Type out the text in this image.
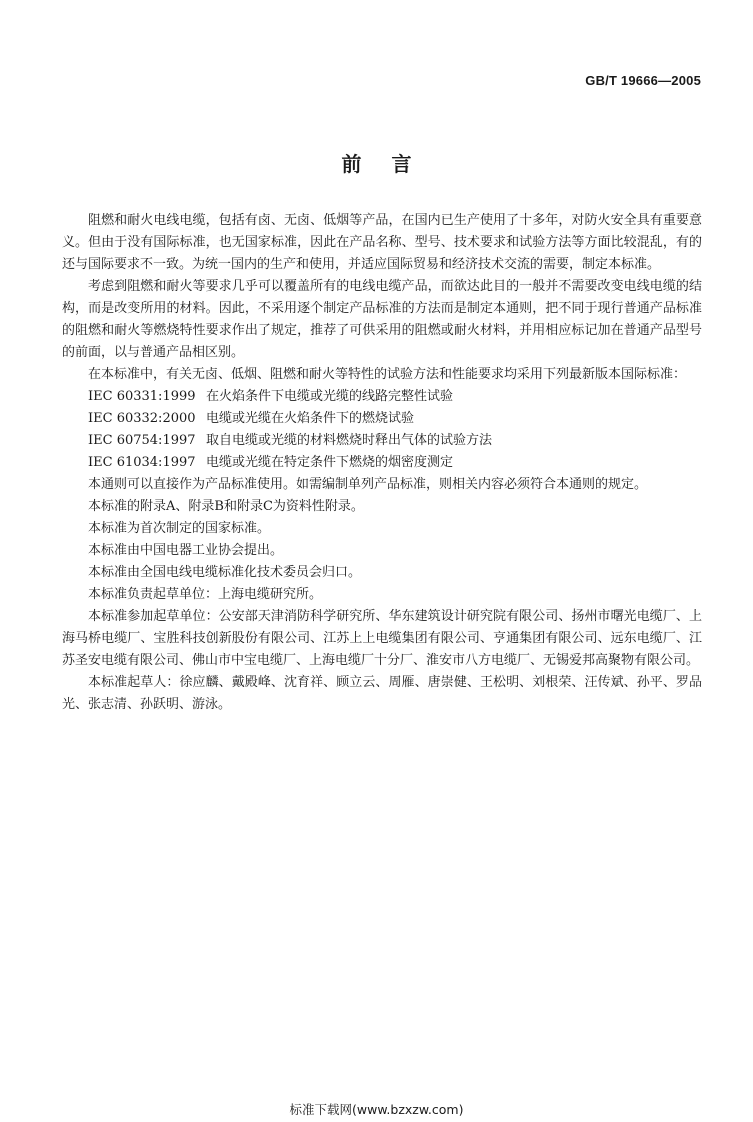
GB/T 19666—2005
前言

阻燃和耐火电线电缆，包括有卤、无卤、低烟等产品，在国内已生产使用了十多年，对防火安全具有重要意义。但由于没有国际标准，也无国家标准，因此在产品名称、型号、技术要求和试验方法等方面比较混乱，有的还与国际要求不一致。为统一国内的生产和使用，并适应国际贸易和经济技术交流的需要，制定本标准。

考虑到阻燃和耐火等要求几乎可以覆盖所有的电线电缆产品，而欲达此目的一般并不需要改变电线电缆的结构，而是改变所用的材料。因此，不采用逐个制定产品标准的方法而是制定本通则，把不同于现行普通产品标准的阻燃和耐火等燃烧特性要求作出了规定，推荐了可供采用的阻燃或耐火材料，并用相应标记加在普通产品型号的前面，以与普通产品相区别。

在本标准中，有关无卤、低烟、阻燃和耐火等特性的试验方法和性能要求均采用下列最新版本国际标准：

IEC 60331:1999 在火焰条件下电缆或光缆的线路完整性试验
IEC 60332:2000 电缆或光缆在火焰条件下的燃烧试验
IEC 60754:1997 取自电缆或光缆的材料燃烧时释出气体的试验方法
IEC 61034:1997 电缆或光缆在特定条件下燃烧的烟密度测定

本通则可以直接作为产品标准使用。如需编制单列产品标准，则相关内容必须符合本通则的规定。

本标准的附录A、附录B和附录C为资料性附录。

本标准为首次制定的国家标准。

本标准由中国电器工业协会提出。

本标准由全国电线电缆标准化技术委员会归口。

本标准负责起草单位：上海电缆研究所。

本标准参加起草单位：公安部天津消防科学研究所、华东建筑设计研究院有限公司、扬州市曙光电缆厂、上海马桥电缆厂、宝胜科技创新股份有限公司、江苏上上电缆集团有限公司、亨通集团有限公司、远东电缆厂、江苏圣安电缆有限公司、佛山市中宝电缆厂、上海电缆厂十分厂、淮安市八方电缆厂、无锡爱邦高聚物有限公司。

本标准起草人：徐应麟、戴殿峰、沈育祥、顾立云、周雁、唐崇健、王松明、刘根荣、汪传斌、孙平、罗品光、张志清、孙跃明、游泳。

标准下载网(www.bzxzw.com)
